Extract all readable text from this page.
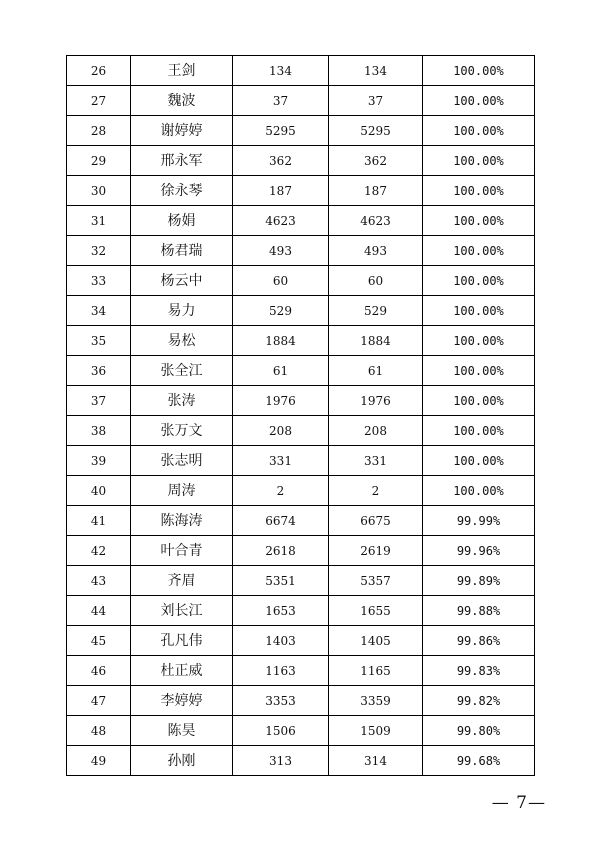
26	王剑	134	134	100.00%
27	魏波	37	37	100.00%
28	谢婷婷	5295	5295	100.00%
29	邢永军	362	362	100.00%
30	徐永琴	187	187	100.00%
31	杨娟	4623	4623	100.00%
32	杨君瑞	493	493	100.00%
33	杨云中	60	60	100.00%
34	易力	529	529	100.00%
35	易松	1884	1884	100.00%
36	张全江	61	61	100.00%
37	张涛	1976	1976	100.00%
38	张万文	208	208	100.00%
39	张志明	331	331	100.00%
40	周涛	2	2	100.00%
41	陈海涛	6674	6675	99.99%
42	叶合青	2618	2619	99.96%
43	齐眉	5351	5357	99.89%
44	刘长江	1653	1655	99.88%
45	孔凡伟	1403	1405	99.86%
46	杜正威	1163	1165	99.83%
47	李婷婷	3353	3359	99.82%
48	陈昊	1506	1509	99.80%
49	孙刚	313	314	99.68%
— 7—
